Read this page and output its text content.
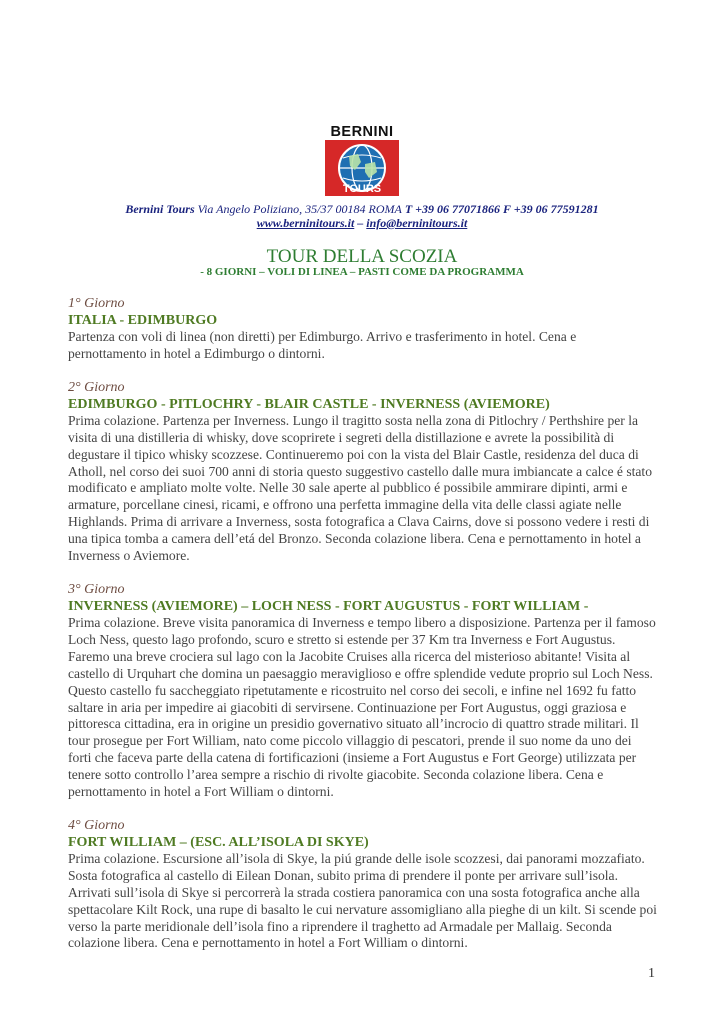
BERNINI
TOURS
Bernini Tours Via Angelo Poliziano, 35/37 00184 ROMA T +39 06 77071866 F +39 06 77591281
www.berninitours.it – info@berninitours.it
TOUR DELLA SCOZIA
- 8 GIORNI – VOLI DI LINEA – PASTI COME DA PROGRAMMA
1° Giorno
ITALIA - EDIMBURGO
Partenza con voli di linea (non diretti) per Edimburgo. Arrivo e trasferimento in hotel. Cena e pernottamento in hotel a Edimburgo o dintorni.
2° Giorno
EDIMBURGO - PITLOCHRY - BLAIR CASTLE - INVERNESS (AVIEMORE)
Prima colazione. Partenza per Inverness. Lungo il tragitto sosta nella zona di Pitlochry / Perthshire per la visita di una distilleria di whisky, dove scoprirete i segreti della distillazione e avrete la possibilità di degustare il tipico whisky scozzese. Continueremo poi con la vista del Blair Castle, residenza del duca di Atholl, nel corso dei suoi 700 anni di storia questo suggestivo castello dalle mura imbiancate a calce é stato modificato e ampliato molte volte. Nelle 30 sale aperte al pubblico é possibile ammirare dipinti, armi e armature, porcellane cinesi, ricami, e offrono una perfetta immagine della vita delle classi agiate nelle Highlands. Prima di arrivare a Inverness, sosta fotografica a Clava Cairns, dove si possono vedere i resti di una tipica tomba a camera dell’etá del Bronzo. Seconda colazione libera. Cena e pernottamento in hotel a Inverness o Aviemore.
3° Giorno
INVERNESS (AVIEMORE) – LOCH NESS - FORT AUGUSTUS - FORT WILLIAM -
Prima colazione. Breve visita panoramica di Inverness e tempo libero a disposizione. Partenza per il famoso Loch Ness, questo lago profondo, scuro e stretto si estende per 37 Km tra Inverness e Fort Augustus. Faremo una breve crociera sul lago con la Jacobite Cruises alla ricerca del misterioso abitante! Visita al castello di Urquhart che domina un paesaggio meraviglioso e offre splendide vedute proprio sul Loch Ness. Questo castello fu saccheggiato ripetutamente e ricostruito nel corso dei secoli, e infine nel 1692 fu fatto saltare in aria per impedire ai giacobiti di servirsene. Continuazione per Fort Augustus, oggi graziosa e pittoresca cittadina, era in origine un presidio governativo situato all’incrocio di quattro strade militari. Il tour prosegue per Fort William, nato come piccolo villaggio di pescatori, prende il suo nome da uno dei forti che faceva parte della catena di fortificazioni (insieme a Fort Augustus e Fort George) utilizzata per tenere sotto controllo l’area sempre a rischio di rivolte giacobite. Seconda colazione libera. Cena e pernottamento in hotel a Fort William o dintorni.
4° Giorno
FORT WILLIAM – (ESC. ALL’ISOLA DI SKYE)
Prima colazione. Escursione all’isola di Skye, la piú grande delle isole scozzesi, dai panorami mozzafiato. Sosta fotografica al castello di Eilean Donan, subito prima di prendere il ponte per arrivare sull’isola. Arrivati sull’isola di Skye si percorrerà la strada costiera panoramica con una sosta fotografica anche alla spettacolare Kilt Rock, una rupe di basalto le cui nervature assomigliano alla pieghe di un kilt. Si scende poi verso la parte meridionale dell’isola fino a riprendere il traghetto ad Armadale per Mallaig. Seconda colazione libera. Cena e pernottamento in hotel a Fort William o dintorni.
1
